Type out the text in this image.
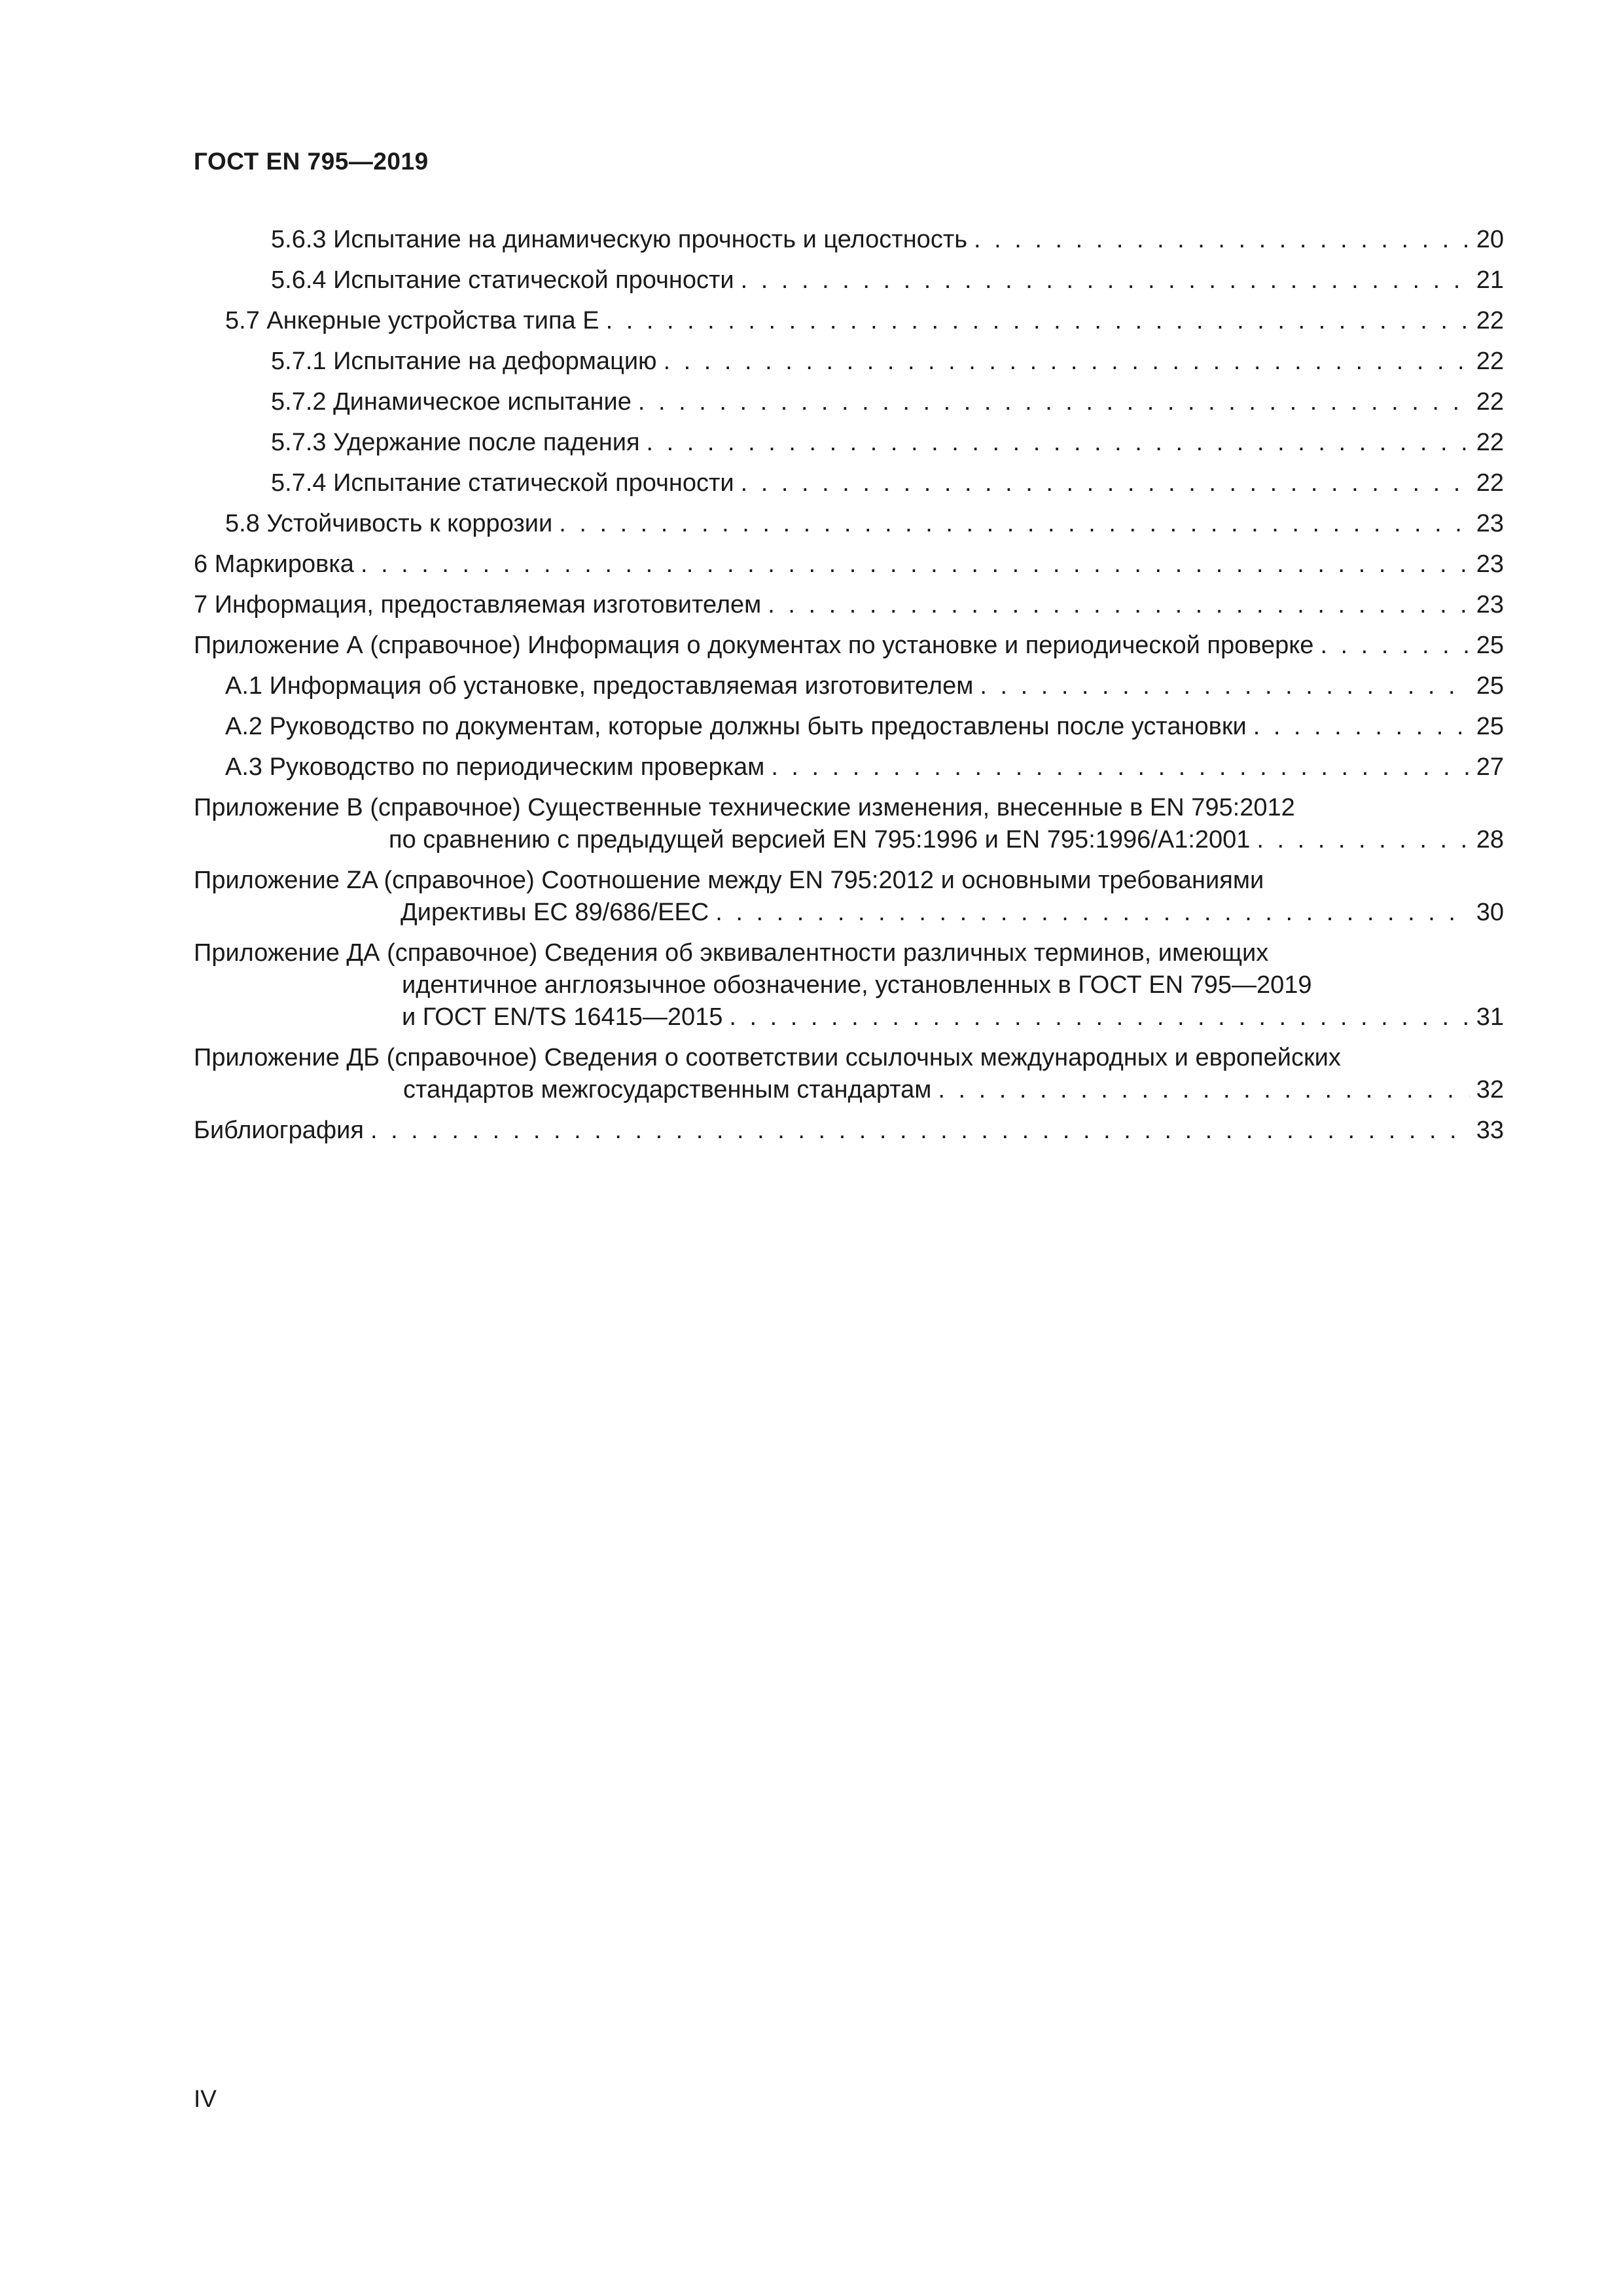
ГОСТ EN 795—2019
5.6.3 Испытание на динамическую прочность и целостность . . .	20
5.6.4 Испытание статической прочности . . .	21
5.7 Анкерные устройства типа E . . .	22
5.7.1 Испытание на деформацию . . .	22
5.7.2 Динамическое испытание . . .	22
5.7.3 Удержание после падения . . .	22
5.7.4 Испытание статической прочности . . .	22
5.8 Устойчивость к коррозии . . .	23
6 Маркировка . . .	23
7 Информация, предоставляемая изготовителем . . .	23
Приложение А (справочное) Информация о документах по установке и периодической проверке . . .	25
А.1 Информация об установке, предоставляемая изготовителем . . .	25
А.2 Руководство по документам, которые должны быть предоставлены после установки . . .	25
А.3 Руководство по периодическим проверкам . . .	27
Приложение В (справочное) Существенные технические изменения, внесенные в EN 795:2012
по сравнению с предыдущей версией EN 795:1996 и EN 795:1996/A1:2001 . . .	28
Приложение ZA (справочное) Соотношение между EN 795:2012 и основными требованиями
Директивы ЕС 89/686/EEC . . .	30
Приложение ДА (справочное) Сведения об эквивалентности различных терминов, имеющих
идентичное англоязычное обозначение, установленных в ГОСТ EN 795—2019
и ГОСТ EN/TS 16415—2015 . . .	31
Приложение ДБ (справочное) Сведения о соответствии ссылочных международных и европейских
стандартов межгосударственным стандартам . . .	32
Библиография . . .	33
IV
